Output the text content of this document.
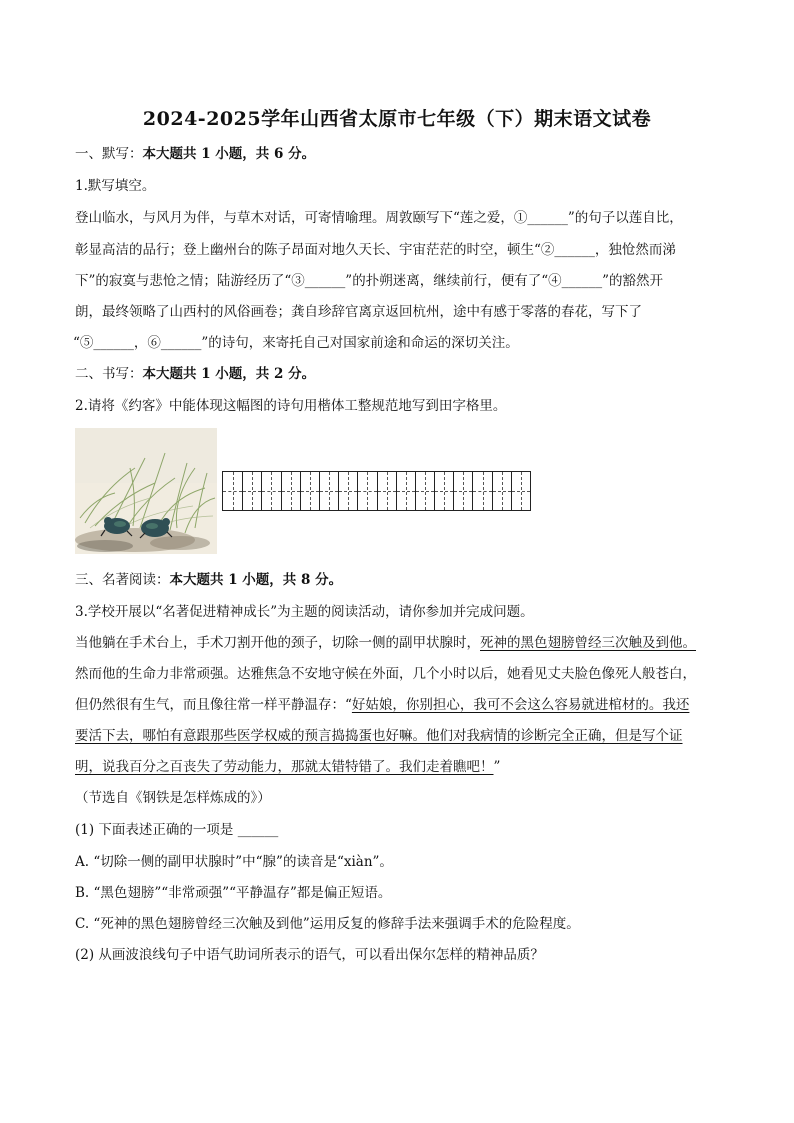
2024-2025学年山西省太原市七年级（下）期末语文试卷
一、默写：本大题共 1 小题，共 6 分。
1.默写填空。
登山临水，与风月为伴，与草木对话，可寄情喻理。周敦颐写下“莲之爱，①______”的句子以莲自比，
彰显高洁的品行；登上幽州台的陈子昂面对地久天长、宇宙茫茫的时空，顿生“②______，独怆然而涕
下”的寂寞与悲怆之情；陆游经历了“③______”的扑朔迷离，继续前行，便有了“④______”的豁然开
朗，最终领略了山西村的风俗画卷；龚自珍辞官离京返回杭州，途中有感于零落的春花，写下了
“⑤______，⑥______”的诗句，来寄托自己对国家前途和命运的深切关注。
二、书写：本大题共 1 小题，共 2 分。
2.请将《约客》中能体现这幅图的诗句用楷体工整规范地写到田字格里。
三、名著阅读：本大题共 1 小题，共 8 分。
3.学校开展以“名著促进精神成长”为主题的阅读活动，请你参加并完成问题。
当他躺在手术台上，手术刀割开他的颈子，切除一侧的副甲状腺时，死神的黑色翅膀曾经三次触及到他。
然而他的生命力非常顽强。达雅焦急不安地守候在外面，几个小时以后，她看见丈夫脸色像死人般苍白，
但仍然很有生气，而且像往常一样平静温存：“好姑娘，你别担心，我可不会这么容易就进棺材的。我还
要活下去，哪怕有意跟那些医学权威的预言捣捣蛋也好嘛。他们对我病情的诊断完全正确，但是写个证
明，说我百分之百丧失了劳动能力，那就太错特错了。我们走着瞧吧！”
（节选自《钢铁是怎样炼成的》）
(1) 下面表述正确的一项是 ______
A. “切除一侧的副甲状腺时”中“腺”的读音是“xiàn”。
B. “黑色翅膀”“非常顽强”“平静温存”都是偏正短语。
C. “死神的黑色翅膀曾经三次触及到他”运用反复的修辞手法来强调手术的危险程度。
(2) 从画波浪线句子中语气助词所表示的语气，可以看出保尔怎样的精神品质？
